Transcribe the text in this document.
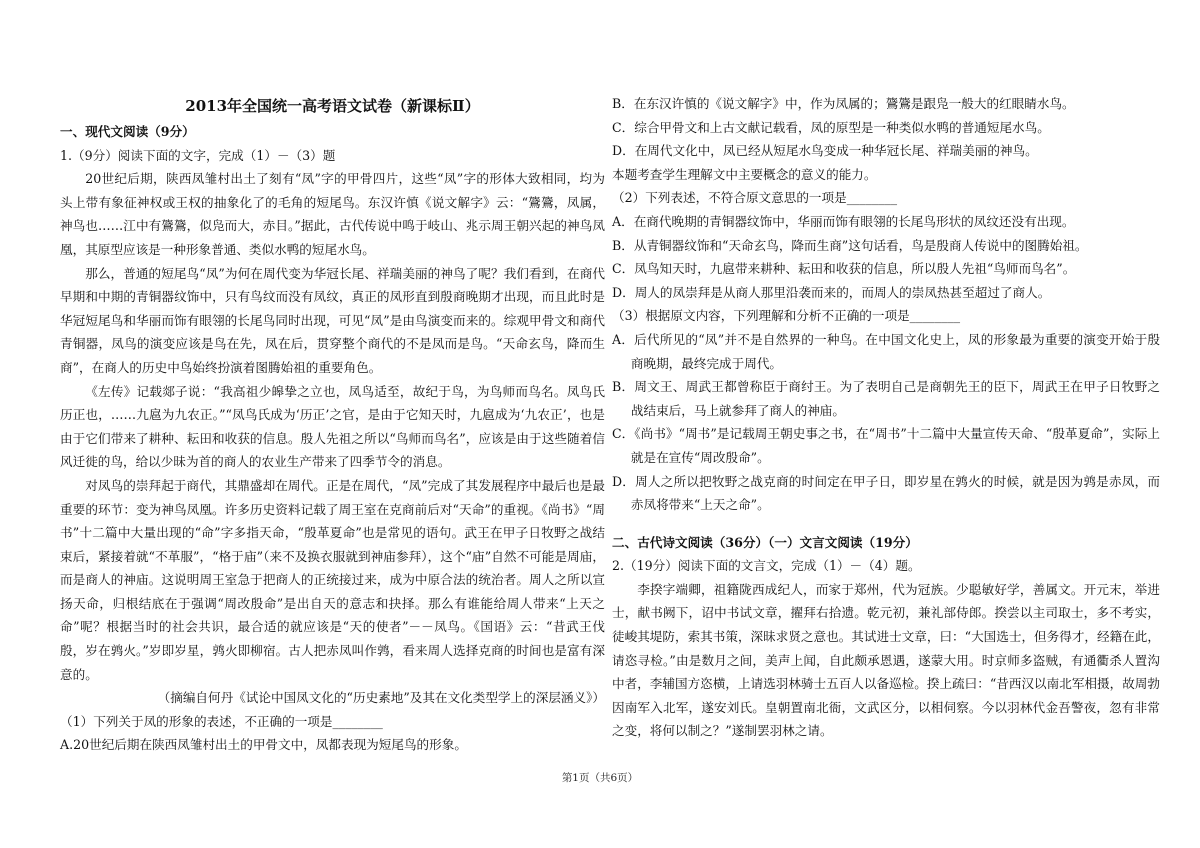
2013年全国统一高考语文试卷（新课标Ⅱ）
一、现代文阅读（9分）
1.（9分）阅读下面的文字，完成（1）－（3）题

20世纪后期，陕西凤雏村出土了刻有“凤”字的甲骨四片，这些“凤”字的形体大致相同，均为头上带有象征神权或王权的抽象化了的毛角的短尾鸟。东汉许慎《说文解字》云：“鷟鷟，凤属，神鸟也……江中有鷟鷟，似凫而大，赤目。”据此，古代传说中鸣于岐山、兆示周王朝兴起的神鸟凤凰，其原型应该是一种形象普通、类似水鸭的短尾水鸟。

那么，普通的短尾鸟“凤”为何在周代变为华冠长尾、祥瑞美丽的神鸟了呢？我们看到，在商代早期和中期的青铜器纹饰中，只有鸟纹而没有凤纹，真正的凤形直到殷商晚期才出现，而且此时是华冠短尾鸟和华丽而饰有眼翎的长尾鸟同时出现，可见“凤”是由鸟演变而来的。综观甲骨文和商代青铜器，凤鸟的演变应该是鸟在先，凤在后，贯穿整个商代的不是凤而是鸟。“天命玄鸟，降而生商”，在商人的历史中鸟始终扮演着图腾始祖的重要角色。

《左传》记载郯子说：“我高祖少皞挚之立也，凤鸟适至，故纪于鸟，为鸟师而鸟名。凤鸟氏历正也，……九扈为九农正。”“凤鸟氏成为‘历正’之官，是由于它知天时，九扈成为‘九农正’，也是由于它们带来了耕种、耘田和收获的信息。殷人先祖之所以“鸟师而鸟名”，应该是由于这些随着信风迁徙的鸟，给以少昧为首的商人的农业生产带来了四季节令的消息。

对凤鸟的崇拜起于商代，其鼎盛却在周代。正是在周代，“凤”完成了其发展程序中最后也是最重要的环节：变为神鸟凤凰。许多历史资料记载了周王室在克商前后对“天命”的重视。《尚书》“周书”十二篇中大量出现的“命”字多指天命，“殷革夏命”也是常见的语句。武王在甲子日牧野之战结束后，紧接着就“不革服”，“格于庙”（来不及换衣服就到神庙参拜），这个“庙”自然不可能是周庙，而是商人的神庙。这说明周王室急于把商人的正统接过来，成为中原合法的统治者。周人之所以宣扬天命，归根结底在于强调“周改殷命”是出自天的意志和抉择。那么有谁能给周人带来“上天之命”呢？根据当时的社会共识，最合适的就应该是“天的使者”－－凤鸟。《国语》云：“昔武王伐殷，岁在鹑火。”岁即岁星，鹑火即柳宿。古人把赤凤叫作鹑，看来周人选择克商的时间也是富有深意的。

（摘编自何丹《试论中国凤文化的“历史素地”及其在文化类型学上的深层涵义》）

（1）下列关于凤的形象的表述，不正确的一项是________
A.20世纪后期在陕西凤雏村出土的甲骨文中，凤都表现为短尾鸟的形象。
B．在东汉许慎的《说文解字》中，作为凤属的；鷟鷟是跟凫一般大的红眼睛水鸟。
C．综合甲骨文和上古文献记载看，凤的原型是一种类似水鸭的普通短尾水鸟。
D．在周代文化中，凤已经从短尾水鸟变成一种华冠长尾、祥瑞美丽的神鸟。
本题考查学生理解文中主要概念的意义的能力。
（2）下列表述，不符合原文意思的一项是________
A．在商代晚期的青铜器纹饰中，华丽而饰有眼翎的长尾鸟形状的凤纹还没有出现。
B．从青铜器纹饰和“天命玄鸟，降而生商”这句话看，鸟是殷商人传说中的图腾始祖。
C．凤鸟知天时，九扈带来耕种、耘田和收获的信息，所以殷人先祖“鸟师而鸟名”。
D．周人的凤崇拜是从商人那里沿袭而来的，而周人的崇凤热甚至超过了商人。
（3）根据原文内容，下列理解和分析不正确的一项是________
A．后代所见的“凤”并不是自然界的一种鸟。在中国文化史上，凤的形象最为重要的演变开始于殷商晚期，最终完成于周代。
B．周文王、周武王都曾称臣于商纣王。为了表明自己是商朝先王的臣下，周武王在甲子日牧野之战结束后，马上就参拜了商人的神庙。
C．《尚书》“周书”是记载周王朝史事之书，在“周书”十二篇中大量宣传天命、“殷革夏命”，实际上就是在宣传“周改殷命”。
D．周人之所以把牧野之战克商的时间定在甲子日，即岁星在鹑火的时候，就是因为鹑是赤凤，而赤凤将带来“上天之命”。
二、古代诗文阅读（36分）（一）文言文阅读（19分）
2.（19分）阅读下面的文言文，完成（1）－（4）题。

李揆字端卿，祖籍陇西成纪人，而家于郑州，代为冠族。少聪敏好学，善属文。开元末，举进士，献书阙下，诏中书试文章，擢拜右拾遗。乾元初，兼礼部侍郎。揆尝以主司取士，多不考实，徒峻其堤防，索其书策，深昧求贤之意也。其试进士文章，曰：“大国选士，但务得才，经籍在此，请恣寻检。”由是数月之间，美声上闻，自此颇承恩遇，遂蒙大用。时京师多盗贼，有通衢杀人置沟中者，李辅国方恣横，上请选羽林骑士五百人以备巡检。揆上疏曰：“昔西汉以南北军相摄，故周勃因南军入北军，遂安刘氏。皇朝置南北衙，文武区分，以相伺察。今以羽林代金吾警夜，忽有非常之变，将何以制之？”遂制罢羽林之请。

第1页（共6页）
